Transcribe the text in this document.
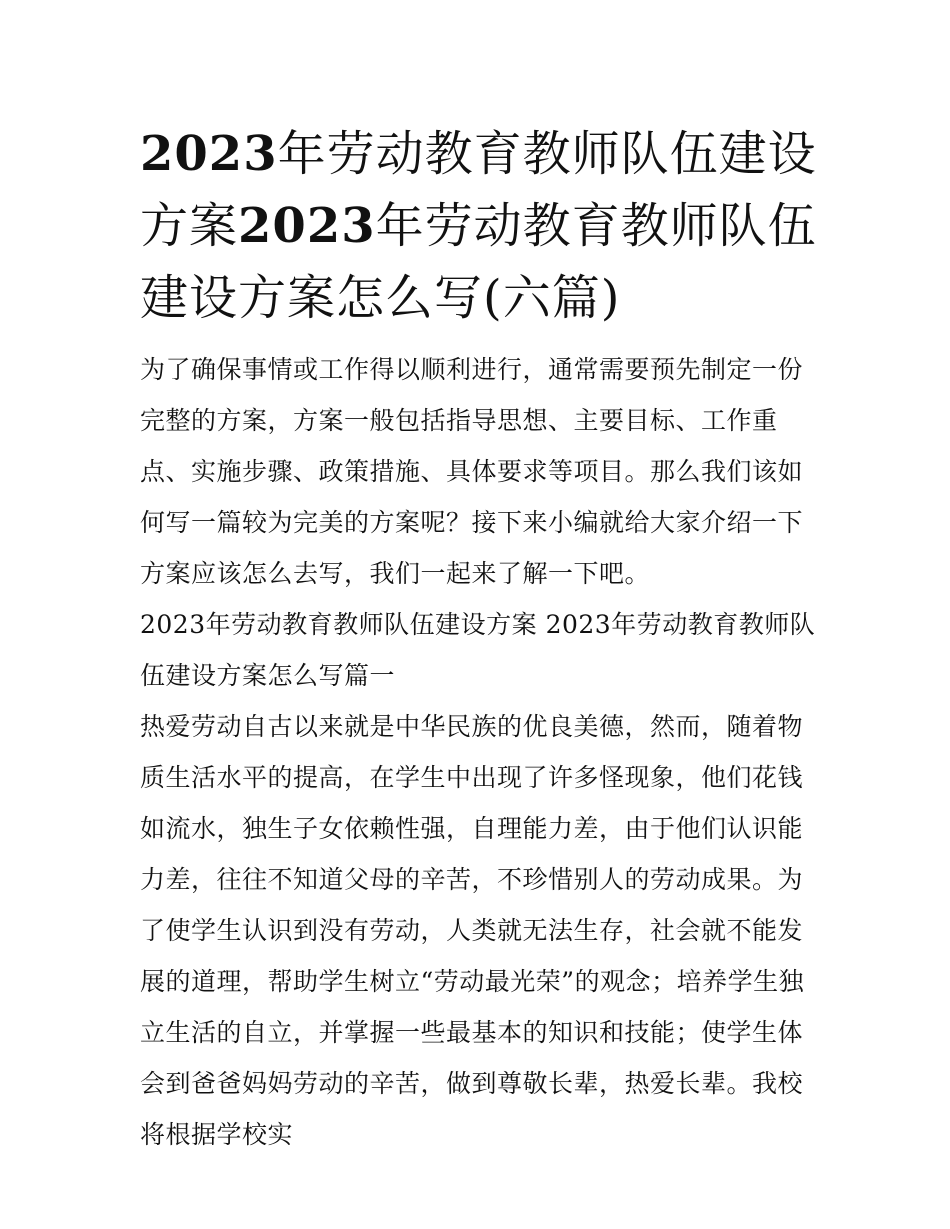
2023年劳动教育教师队伍建设方案2023年劳动教育教师队伍建设方案怎么写(六篇)

为了确保事情或工作得以顺利进行，通常需要预先制定一份完整的方案，方案一般包括指导思想、主要目标、工作重点、实施步骤、政策措施、具体要求等项目。那么我们该如何写一篇较为完美的方案呢？接下来小编就给大家介绍一下方案应该怎么去写，我们一起来了解一下吧。

2023年劳动教育教师队伍建设方案 2023年劳动教育教师队伍建设方案怎么写篇一

热爱劳动自古以来就是中华民族的优良美德，然而，随着物质生活水平的提高，在学生中出现了许多怪现象，他们花钱如流水，独生子女依赖性强，自理能力差，由于他们认识能力差，往往不知道父母的辛苦，不珍惜别人的劳动成果。为了使学生认识到没有劳动，人类就无法生存，社会就不能发展的道理，帮助学生树立“劳动最光荣”的观念；培养学生独立生活的自立，并掌握一些最基本的知识和技能；使学生体会到爸爸妈妈劳动的辛苦，做到尊敬长辈，热爱长辈。我校将根据学校实
